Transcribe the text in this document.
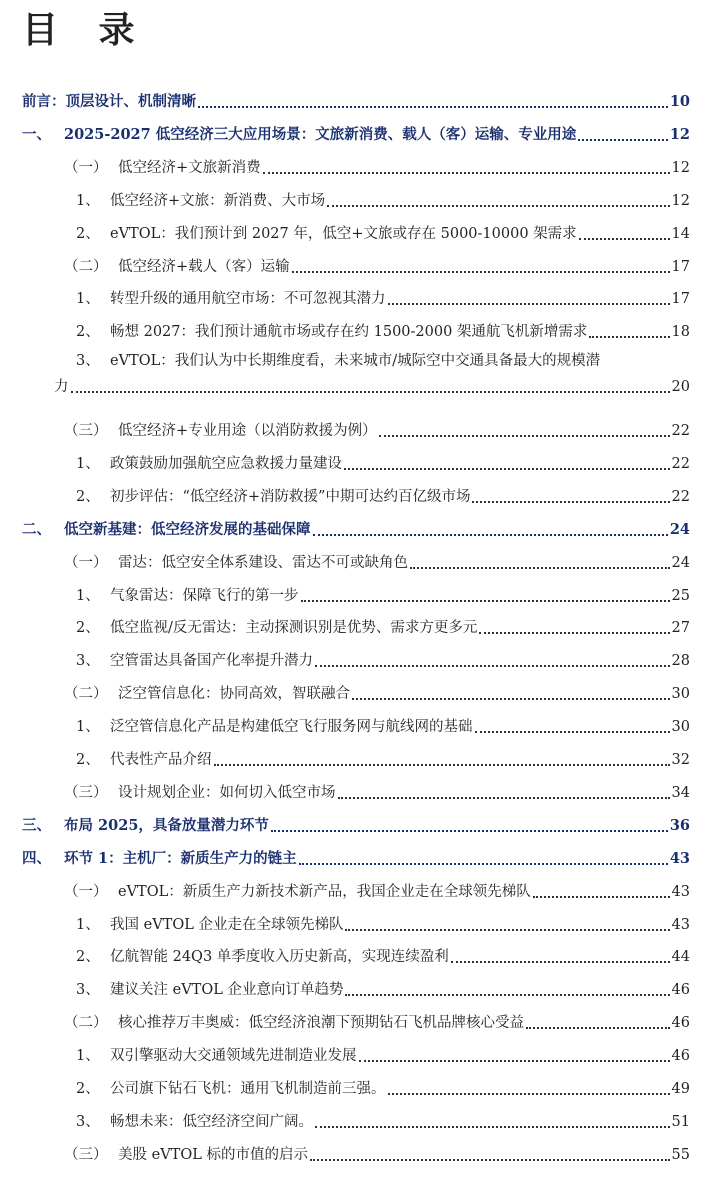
目 录
前言：顶层设计、机制清晰	10
一、 2025-2027 低空经济三大应用场景：文旅新消费、载人（客）运输、专业用途	12
（一） 低空经济+文旅新消费	12
1、 低空经济+文旅：新消费、大市场	12
2、 eVTOL：我们预计到 2027 年，低空+文旅或存在 5000-10000 架需求	14
（二） 低空经济+载人（客）运输	17
1、 转型升级的通用航空市场：不可忽视其潜力	17
2、 畅想 2027：我们预计通航市场或存在约 1500-2000 架通航飞机新增需求	18
3、 eVTOL：我们认为中长期维度看，未来城市/城际空中交通具备最大的规模潜
力	20
（三） 低空经济+专业用途（以消防救援为例）	22
1、 政策鼓励加强航空应急救援力量建设	22
2、 初步评估：“低空经济+消防救援”中期可达约百亿级市场	22
二、 低空新基建：低空经济发展的基础保障	24
（一） 雷达：低空安全体系建设、雷达不可或缺角色	24
1、 气象雷达：保障飞行的第一步	25
2、 低空监视/反无雷达：主动探测识别是优势、需求方更多元	27
3、 空管雷达具备国产化率提升潜力	28
（二） 泛空管信息化：协同高效，智联融合	30
1、 泛空管信息化产品是构建低空飞行服务网与航线网的基础	30
2、 代表性产品介绍	32
（三） 设计规划企业：如何切入低空市场	34
三、 布局 2025，具备放量潜力环节	36
四、 环节 1：主机厂：新质生产力的链主	43
（一） eVTOL：新质生产力新技术新产品，我国企业走在全球领先梯队	43
1、 我国 eVTOL 企业走在全球领先梯队	43
2、 亿航智能 24Q3 单季度收入历史新高，实现连续盈利	44
3、 建议关注 eVTOL 企业意向订单趋势	46
（二） 核心推荐万丰奥威：低空经济浪潮下预期钻石飞机品牌核心受益	46
1、 双引擎驱动大交通领域先进制造业发展	46
2、 公司旗下钻石飞机：通用飞机制造前三强。	49
3、 畅想未来：低空经济空间广阔。	51
（三） 美股 eVTOL 标的市值的启示	55
